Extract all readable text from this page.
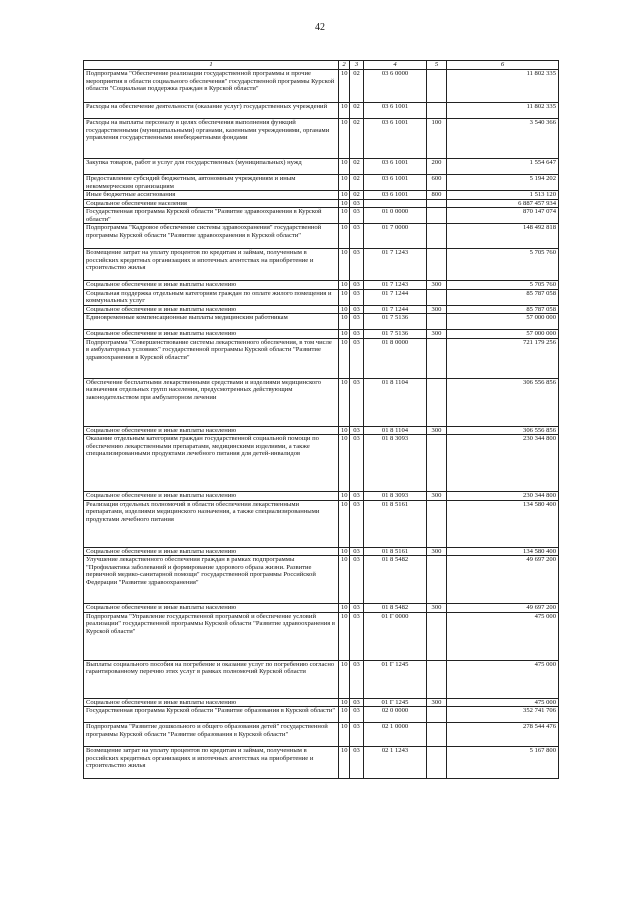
42
1	2	3	4	5	6
Подпрограмма "Обеспечение реализации государственной программы и прочие мероприятия в области социального обеспечения" государственной программы Курской области "Социальная поддержка граждан в Курской области"	10	02	03 6 0000		11 802 335
Расходы на обеспечение деятельности (оказание услуг) государственных учреждений	10	02	03 6 1001		11 802 335
Расходы на выплаты персоналу в целях обеспечения выполнения функций государственными (муниципальными) органами, казенными учреждениями, органами управления государственными внебюджетными фондами	10	02	03 6 1001	100	3 540 366
Закупка товаров, работ и услуг для государственных (муниципальных) нужд	10	02	03 6 1001	200	1 554 647
Предоставление субсидий бюджетным, автономным учреждениям и иным некоммерческим организациям	10	02	03 6 1001	600	5 194 202
Иные бюджетные ассигнования	10	02	03 6 1001	800	1 513 120
Социальное обеспечение населения	10	03			6 887 457 934
Государственная программа Курской области "Развитие здравоохранения в Курской области"	10	03	01 0 0000		870 147 074
Подпрограмма "Кадровое обеспечение системы здравоохранения" государственной программы Курской области "Развитие здравоохранения в Курской области"	10	03	01 7 0000		148 492 818
Возмещение затрат на уплату процентов по кредитам и займам, полученным в российских кредитных организациях и ипотечных агентствах на приобретение и строительство жилья	10	03	01 7 1243		5 705 760
Социальное обеспечение и иные выплаты населению	10	03	01 7 1243	300	5 705 760
Социальная поддержка отдельным категориям граждан по оплате жилого помещения и коммунальных услуг	10	03	01 7 1244		85 787 058
Социальное обеспечение и иные выплаты населению	10	03	01 7 1244	300	85 787 058
Единовременные компенсационные выплаты медицинским работникам	10	03	01 7 5136		57 000 000
Социальное обеспечение и иные выплаты населению	10	03	01 7 5136	300	57 000 000
Подпрограмма "Совершенствование системы лекарственного обеспечения, в том числе в амбулаторных условиях" государственной программы Курской области "Развитие здравоохранения в Курской области"	10	03	01 8 0000		721 179 256
Обеспечение бесплатными лекарственными средствами и изделиями медицинского назначения отдельных групп населения, предусмотренных действующим законодательством при амбулаторном лечении	10	03	01 8 1104		306 556 856
Социальное обеспечение и иные выплаты населению	10	03	01 8 1104	300	306 556 856
Оказание отдельным категориям граждан государственной социальной помощи по обеспечению лекарственными препаратами, медицинскими изделиями, а также специализированными продуктами лечебного питания для детей-инвалидов	10	03	01 8 3093		230 344 800
Социальное обеспечение и иные выплаты населению	10	03	01 8 3093	300	230 344 800
Реализация отдельных полномочий в области обеспечения лекарственными препаратами, изделиями медицинского назначения, а также специализированными продуктами лечебного питания	10	03	01 8 5161		134 580 400
Социальное обеспечение и иные выплаты населению	10	03	01 8 5161	300	134 580 400
Улучшение лекарственного обеспечения граждан в рамках подпрограммы "Профилактика заболеваний и формирование здорового образа жизни. Развитие первичной медико-санитарной помощи" государственной программы Российской Федерации "Развитие здравоохранения"	10	03	01 8 5482		49 697 200
Социальное обеспечение и иные выплаты населению	10	03	01 8 5482	300	49 697 200
Подпрограмма "Управление государственной программой и обеспечение условий реализации" государственной программы Курской области "Развитие здравоохранения в Курской области"	10	03	01 Г 0000		475 000
Выплаты социального пособия на погребение и оказание услуг по погребению согласно гарантированному перечню этих услуг в рамках полномочий Курской области	10	03	01 Г 1245		475 000
Социальное обеспечение и иные выплаты населению	10	03	01 Г 1245	300	475 000
Государственная программа Курской области "Развитие образования в Курской области"	10	03	02 0 0000		352 741 706
Подпрограмма "Развитие дошкольного и общего образования детей" государственной программы Курской области "Развитие образования в Курской области"	10	03	02 1 0000		278 544 476
Возмещение затрат на уплату процентов по кредитам и займам, полученным в российских кредитных организациях и ипотечных агентствах на приобретение и строительство жилья	10	03	02 1 1243		5 167 800
